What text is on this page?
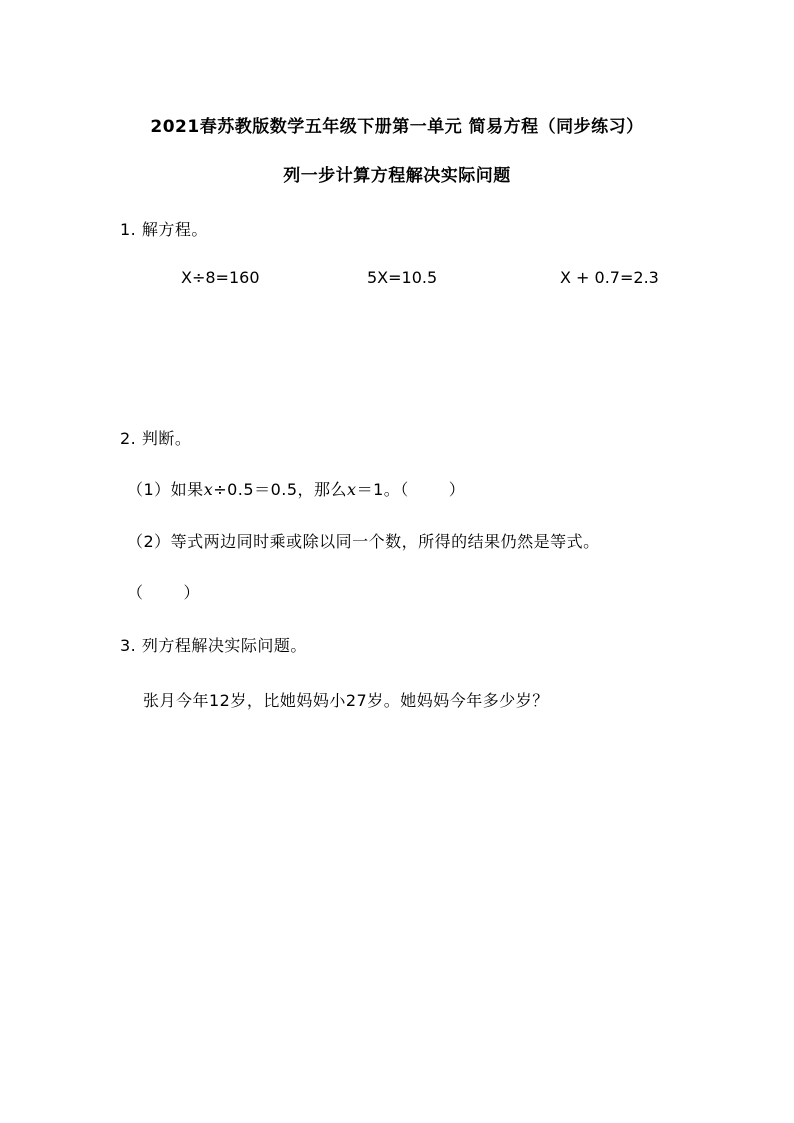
2021春苏教版数学五年级下册第一单元 简易方程（同步练习）
列一步计算方程解决实际问题
1. 解方程。
X÷8=160	5X=10.5	X + 0.7=2.3
2. 判断。
（1）如果x÷0.5＝0.5，那么x＝1。（	）
（2）等式两边同时乘或除以同一个数，所得的结果仍然是等式。
（	）
3. 列方程解决实际问题。
张月今年12岁，比她妈妈小27岁。她妈妈今年多少岁？
